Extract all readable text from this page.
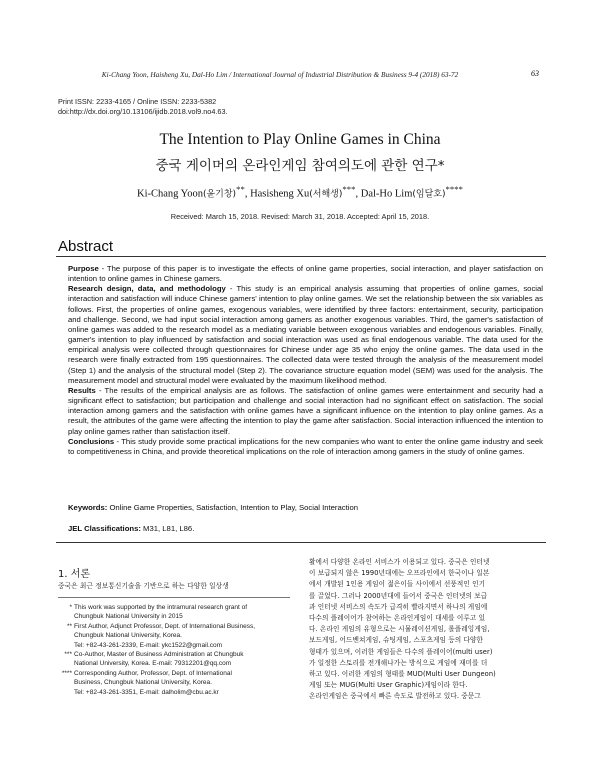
Ki-Chang Yoon, Haisheng Xu, Dal-Ho Lim / International Journal of Industrial Distribution & Business 9-4 (2018) 63-72	63
Print ISSN: 2233-4165 / Online ISSN: 2233-5382
doi:http://dx.doi.org/10.13106/ijidb.2018.vol9.no4.63.
The Intention to Play Online Games in China
중국 게이머의 온라인게임 참여의도에 관한 연구*
Ki-Chang Yoon(윤기창)**, Hasisheng Xu(서해생)***, Dal-Ho Lim(임달호)****
Received: March 15, 2018. Revised: March 31, 2018. Accepted: April 15, 2018.
Abstract

Purpose - The purpose of this paper is to investigate the effects of online game properties, social interaction, and player satisfaction on intention to online games in Chinese gamers.

Research design, data, and methodology - This study is an empirical analysis assuming that properties of online games, social interaction and satisfaction will induce Chinese gamers' intention to play online games. We set the relationship between the six variables as follows. First, the properties of online games, exogenous variables, were identified by three factors: entertainment, security, participation and challenge. Second, we had input social interaction among gamers as another exogenous variables. Third, the gamer's satisfaction of online games was added to the research model as a mediating variable between exogenous variables and endogenous variables. Finally, gamer's intention to play influenced by satisfaction and social interaction was used as final endogenous variable. The data used for the empirical analysis were collected through questionnaires for Chinese under age 35 who enjoy the online games. The data used in the research were finally extracted from 195 questionnaires. The collected data were tested through the analysis of the measurement model (Step 1) and the analysis of the structural model (Step 2). The covariance structure equation model (SEM) was used for the analysis. The measurement model and structural model were evaluated by the maximum likelihood method.

Results - The results of the empirical analysis are as follows. The satisfaction of online games were entertainment and security had a significant effect to satisfaction; but participation and challenge and social interaction had no significant effect on satisfaction. The social interaction among gamers and the satisfaction with online games have a significant influence on the intention to play online games. As a result, the attributes of the game were affecting the intention to play the game after satisfaction. Social interaction influenced the intention to play online games rather than satisfaction itself.

Conclusions - This study provide some practical implications for the new companies who want to enter the online game industry and seek to competitiveness in China, and provide theoretical implications on the role of interaction among gamers in the study of online games.

Keywords: Online Game Properties, Satisfaction, Intention to Play, Social Interaction
JEL Classifications: M31, L81, L86.
1. 서론
중국은 최근 정보통신기술을 기반으로 하는 다양한 일상생
* This work was supported by the intramural research grant of
Chungbuk National University in 2015
** First Author, Adjunct Professor, Dept. of International Business,
Chungbuk National University, Korea.
Tel: +82-43-261-2339, E-mail: ykc1522@gmail.com
*** Co-Author, Master of Business Administration at Chungbuk
National University, Korea. E-mail: 79312201@qq.com
**** Corresponding Author, Professor, Dept. of International
Business, Chungbuk National University, Korea.
Tel: +82-43-261-3351, E-mail: dalholim@cbu.ac.kr
활에서 다양한 온라인 서비스가 이용되고 있다. 중국은 인터넷
이 보급되지 않은 1990년대에는 오프라인에서 한국이나 일본
에서 개발된 1인용 게임이 젊은이들 사이에서 선풍적인 인기
를 끌었다. 그러나 2000년대에 들어서 중국은 인터넷의 보급
과 인터넷 서비스의 속도가 급격히 빨라지면서 하나의 게임에
다수의 플레이어가 참여하는 온라인게임이 대세를 이루고 있
다. 온라인 게임의 유형으로는 시뮬레이션게임, 롤플레잉게임,
보드게임, 어드벤쳐게임, 슈팅게임, 스포츠게임 등의 다양한
형태가 있으며, 이러한 게임들은 다수의 플레이어(multi user)
가 일정한 스토리를 전개해나가는 방식으로 게임에 재미를 더
하고 있다. 이러한 게임의 형태를 MUD(Multi User Dungeon)
게임 또는 MUG(Multi User Graphic)게임이라 한다.
온라인게임은 중국에서 빠른 속도로 발전하고 있다. 중문그
